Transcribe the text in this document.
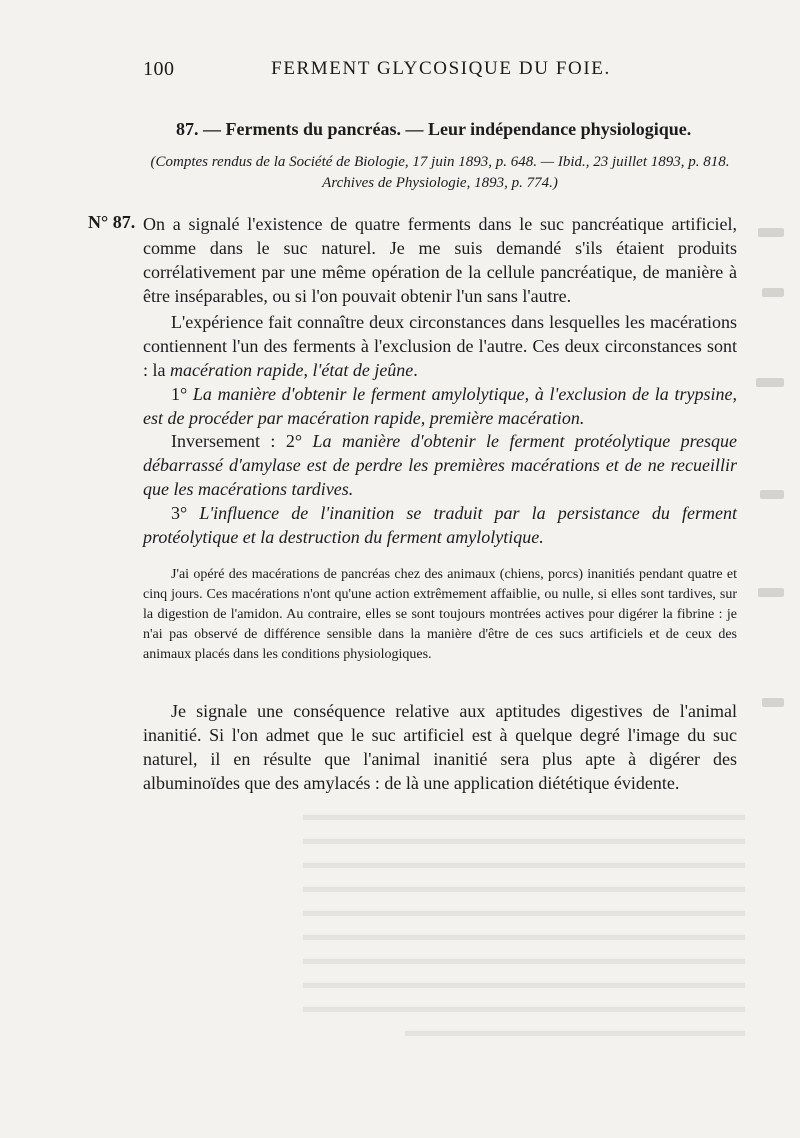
100	FERMENT GLYCOSIQUE DU FOIE.
87. — Ferments du pancréas. — Leur indépendance physiologique.
(Comptes rendus de la Société de Biologie, 17 juin 1893, p. 648. — Ibid., 23 juillet 1893, p. 818.
Archives de Physiologie, 1893, p. 774.)
N° 87. On a signalé l'existence de quatre ferments dans le suc pancréatique artificiel, comme dans le suc naturel. Je me suis demandé s'ils étaient produits corrélativement par une même opération de la cellule pancréatique, de manière à être inséparables, ou si l'on pouvait obtenir l'un sans l'autre.
L'expérience fait connaître deux circonstances dans lesquelles les macérations contiennent l'un des ferments à l'exclusion de l'autre. Ces deux circonstances sont : la macération rapide, l'état de jeûne.
1° La manière d'obtenir le ferment amylolytique, à l'exclusion de la trypsine, est de procéder par macération rapide, première macération.
Inversement : 2° La manière d'obtenir le ferment protéolytique presque débarrassé d'amylase est de perdre les premières macérations et de ne recueillir que les macérations tardives.
3° L'influence de l'inanition se traduit par la persistance du ferment protéolytique et la destruction du ferment amylolytique.
J'ai opéré des macérations de pancréas chez des animaux (chiens, porcs) inanitiés pendant quatre et cinq jours. Ces macérations n'ont qu'une action extrêmement affaiblie, ou nulle, si elles sont tardives, sur la digestion de l'amidon. Au contraire, elles se sont toujours montrées actives pour digérer la fibrine : je n'ai pas observé de différence sensible dans la manière d'être de ces sucs artificiels et de ceux des animaux placés dans les conditions physiologiques.
Je signale une conséquence relative aux aptitudes digestives de l'animal inanitié. Si l'on admet que le suc artificiel est à quelque degré l'image du suc naturel, il en résulte que l'animal inanitié sera plus apte à digérer des albuminoïdes que des amylacés : de là une application diététique évidente.
▬▬▬▬▬▬▬▬▬▬▬▬▬▬▬▬▬▬▬▬▬▬▬▬▬▬
▬▬▬▬▬▬▬▬▬▬▬▬▬▬▬▬▬▬▬▬▬▬▬▬▬▬
▬▬▬▬▬▬▬▬▬▬▬▬▬▬▬▬▬▬▬▬▬▬▬▬▬▬
▬▬▬▬▬▬▬▬▬▬▬▬▬▬▬▬▬▬▬▬▬▬▬▬▬▬
▬▬▬▬▬▬▬▬▬▬▬▬▬▬▬▬▬▬▬▬▬▬▬▬▬▬
▬▬▬▬▬▬▬▬▬▬▬▬▬▬▬▬▬▬▬▬▬▬▬▬▬▬
▬▬▬▬▬▬▬▬▬▬▬▬▬▬▬▬▬▬▬▬▬▬▬▬▬▬
▬▬▬▬▬▬▬▬▬▬▬▬▬▬▬▬▬▬▬▬▬▬▬▬▬▬
▬▬▬▬▬▬▬▬▬▬▬▬▬▬▬▬▬▬▬▬▬▬▬▬▬▬
▬▬▬▬▬▬▬▬▬▬▬▬▬▬▬▬▬▬▬▬
